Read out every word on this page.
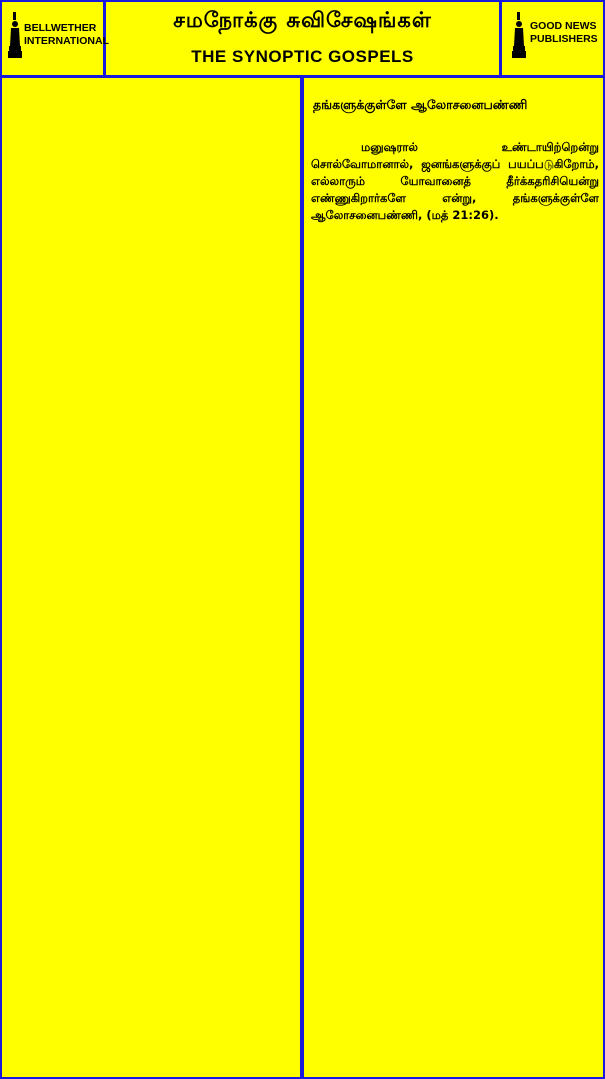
BELLWETHER
INTERNATIONAL
சமநோக்கு சுவிசேஷங்கள்
THE SYNOPTIC GOSPELS
GOOD NEWS
PUBLISHERS

தங்களுக்குள்ளே ஆலோசனைபண்ணி

மனுஷரால் உண்டாயிற்றென்று சொல்வோமானால், ஜனங்களுக்குப் பயப்படுகிறோம், எல்லாரும் யோவானைத் தீர்க்கதரிசியென்று எண்ணுகிறார்களே என்று, தங்களுக்குள்ளே ஆலோசனைபண்ணி, (மத் 21:26).
